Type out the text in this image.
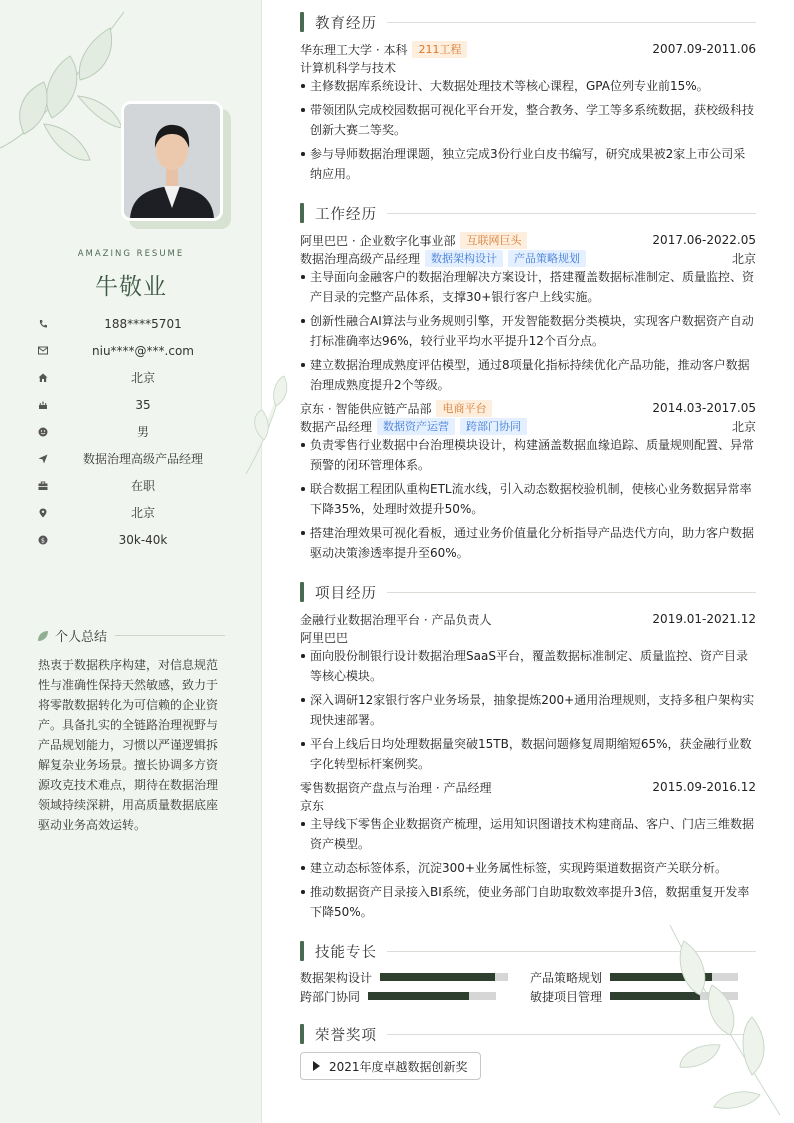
AMAZING RESUME
牛敬业
188****5701
niu****@***.com
北京
35
男
数据治理高级产品经理
在职
北京
$	30k-40k
个人总结
热衷于数据秩序构建，对信息规范性与准确性保持天然敏感，致力于将零散数据转化为可信赖的企业资产。具备扎实的全链路治理视野与产品规划能力，习惯以严谨逻辑拆解复杂业务场景。擅长协调多方资源攻克技术难点，期待在数据治理领域持续深耕，用高质量数据底座驱动业务高效运转。
教育经历
华东理工大学 · 本科	211工程	2007.09-2011.06
计算机科学与技术
主修数据库系统设计、大数据处理技术等核心课程，GPA位列专业前15%。
带领团队完成校园数据可视化平台开发，整合教务、学工等多系统数据，获校级科技创新大赛二等奖。
参与导师数据治理课题，独立完成3份行业白皮书编写，研究成果被2家上市公司采纳应用。
工作经历
阿里巴巴 · 企业数字化事业部	互联网巨头	2017.06-2022.05
数据治理高级产品经理	数据架构设计	产品策略规划	北京
主导面向金融客户的数据治理解决方案设计，搭建覆盖数据标准制定、质量监控、资产目录的完整产品体系，支撑30+银行客户上线实施。
创新性融合AI算法与业务规则引擎，开发智能数据分类模块，实现客户数据资产自动打标准确率达96%，较行业平均水平提升12个百分点。
建立数据治理成熟度评估模型，通过8项量化指标持续优化产品功能，推动客户数据治理成熟度提升2个等级。
京东 · 智能供应链产品部	电商平台	2014.03-2017.05
数据产品经理	数据资产运营	跨部门协同	北京
负责零售行业数据中台治理模块设计，构建涵盖数据血缘追踪、质量规则配置、异常预警的闭环管理体系。
联合数据工程团队重构ETL流水线，引入动态数据校验机制，使核心业务数据异常率下降35%，处理时效提升50%。
搭建治理效果可视化看板，通过业务价值量化分析指导产品迭代方向，助力客户数据驱动决策渗透率提升至60%。
项目经历
金融行业数据治理平台 · 产品负责人	2019.01-2021.12
阿里巴巴
面向股份制银行设计数据治理SaaS平台，覆盖数据标准制定、质量监控、资产目录等核心模块。
深入调研12家银行客户业务场景，抽象提炼200+通用治理规则，支持多租户架构实现快速部署。
平台上线后日均处理数据量突破15TB，数据问题修复周期缩短65%，获金融行业数字化转型标杆案例奖。
零售数据资产盘点与治理 · 产品经理	2015.09-2016.12
京东
主导线下零售企业数据资产梳理，运用知识图谱技术构建商品、客户、门店三维数据资产模型。
建立动态标签体系，沉淀300+业务属性标签，实现跨渠道数据资产关联分析。
推动数据资产目录接入BI系统，使业务部门自助取数效率提升3倍，数据重复开发率下降50%。
技能专长
数据架构设计	产品策略规划
跨部门协同	敏捷项目管理
荣誉奖项
2021年度卓越数据创新奖
